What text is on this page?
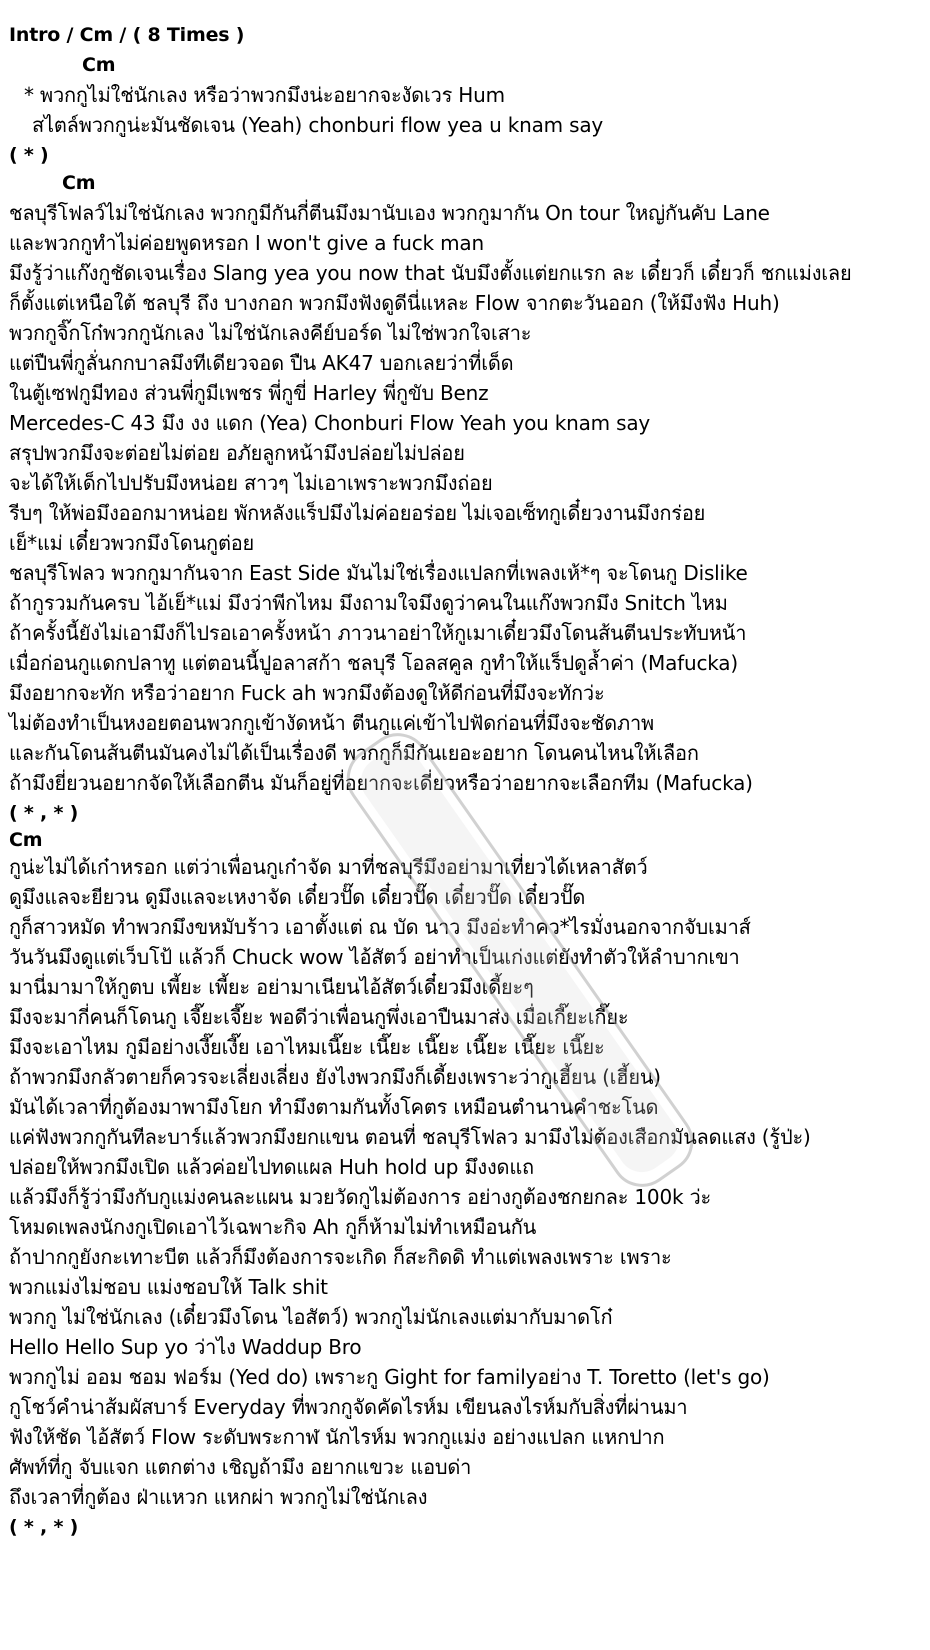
Intro / Cm / ( 8 Times )
Cm
* พวกกูไม่ใช่นักเลง หรือว่าพวกมึงน่ะอยากจะงัดเวร Hum
สไตล์พวกกูน่ะมันชัดเจน (Yeah) chonburi flow yea u knam say
( * )
Cm
ชลบุรีโฟลว์ไม่ใช่นักเลง พวกกูมีกันกี่ตีนมึงมานับเอง พวกกูมากัน On tour ใหญ่กันคับ Lane
และพวกกูทำไม่ค่อยพูดหรอก I won't give a fuck man
มึงรู้ว่าแก๊งกูชัดเจนเรื่อง Slang yea you now that นับมึงตั้งแต่ยกแรก ละ เดี๋ยวก็ เดี๋ยวก็ ชกแม่งเลย
ก็ตั้งแต่เหนือใต้ ชลบุรี ถึง บางกอก พวกมึงฟังดูดีนี่แหละ Flow จากตะวันออก (ให้มึงฟัง Huh)
พวกกูจิ๊กโก๋พวกกูนักเลง ไม่ใช่นักเลงคีย์บอร์ด ไม่ใช่พวกใจเสาะ
แต่ปืนพี่กูลั่นกกบาลมึงทีเดียวจอด ปืน AK47 บอกเลยว่าที่เด็ด
ในตู้เซฟกูมีทอง ส่วนพี่กูมีเพชร พี่กูขี่ Harley พี่กูขับ Benz
Mercedes-C 43 มึง งง แดก (Yea) Chonburi Flow Yeah you knam say
สรุปพวกมึงจะต่อยไม่ต่อย อภัยลูกหน้ามึงปล่อยไม่ปล่อย
จะได้ให้เด็กไปปรับมึงหน่อย สาวๆ ไม่เอาเพราะพวกมึงถ่อย
รีบๆ ให้พ่อมึงออกมาหน่อย พักหลังแร็ปมึงไม่ค่อยอร่อย ไม่เจอเซ็ทกูเดี๋ยวงานมึงกร่อย
เย็*แม่ เดี๋ยวพวกมึงโดนกูต่อย
ชลบุรีโฟลว พวกกูมากันจาก East Side มันไม่ใช่เรื่องแปลกที่เพลงเห้*ๆ จะโดนกู Dislike
ถ้ากูรวมกันครบ ไอ้เย็*แม่ มึงว่าพีกไหม มึงถามใจมึงดูว่าคนในแก๊งพวกมึง Snitch ไหม
ถ้าครั้งนี้ยังไม่เอามึงก็ไปรอเอาครั้งหน้า ภาวนาอย่าให้กูเมาเดี๋ยวมึงโดนส้นตีนประทับหน้า
เมื่อก่อนกูแดกปลาทู แต่ตอนนี้ปูอลาสก้า ชลบุรี โอลสคูล กูทำให้แร็ปดูล้ำค่า (Mafucka)
มึงอยากจะทัก หรือว่าอยาก Fuck ah พวกมึงต้องดูให้ดีก่อนที่มึงจะทักว่ะ
ไม่ต้องทำเป็นหงอยตอนพวกกูเข้างัดหน้า ตีนกูแค่เข้าไปฟัดก่อนที่มึงจะชัดภาพ
และกันโดนส้นตีนมันคงไม่ได้เป็นเรื่องดี พวกกูก็มีกันเยอะอยาก โดนคนไหนให้เลือก
ถ้ามึงยี่ยวนอยากจัดให้เลือกตีน มันก็อยู่ที่อยากจะเดี่ยวหรือว่าอยากจะเลือกทีม (Mafucka)
( * , * )
Cm
กูน่ะไม่ได้เก๋าหรอก แต่ว่าเพื่อนกูเก๋าจัด มาที่ชลบุรีมึงอย่ามาเที่ยวได้เหลาสัตว์
ดูมึงแลจะยียวน ดูมึงแลจะเหงาจัด เดี๋ยวปั๊ด เดี๋ยวปั๊ด เดี๋ยวปั๊ด เดี๋ยวปั๊ด
กูก็สาวหมัด ทำพวกมึงขหมับร้าว เอาตั้งแต่ ณ บัด นาว มึงอ่ะทำคว*ไรมั่งนอกจากจับเมาส์
วันวันมึงดูแต่เว็บโป้ แล้วก็ Chuck wow ไอ้สัตว์ อย่าทำเป็นเก่งแต่ยังทำตัวให้ลำบากเขา
มานี่มามาให้กูตบ เพี้ยะ เพี้ยะ อย่ามาเนียนไอ้สัตว์เดี๋ยวมึงเดี้ยะๆ
มึงจะมากี่คนก็โดนกู เจี๊ยะเจี๊ยะ พอดีว่าเพื่อนกูพึ่งเอาปืนมาส่ง เมื่อเกี๊ยะเกี๊ยะ
มึงจะเอาไหม กูมีอย่างเงี๊ยเงี๊ย เอาไหมเนี๊ยะ เนี๊ยะ เนี๊ยะ เนี๊ยะ เนี๊ยะ เนี๊ยะ
ถ้าพวกมึงกลัวตายก็ควรจะเลี่ยงเลี่ยง ยังไงพวกมึงก็เดี้ยงเพราะว่ากูเฮี้ยน (เฮี้ยน)
มันได้เวลาที่กูต้องมาพามึงโยก ทำมึงตามกันทั้งโคตร เหมือนตำนานคำชะโนด
แค่ฟังพวกกูกันทีละบาร์แล้วพวกมึงยกแขน ตอนที่ ชลบุรีโฟลว มามึงไม่ต้องเสือกมันลดแสง (รู้ป่ะ)
ปล่อยให้พวกมึงเปิด แล้วค่อยไปทดแผล Huh hold up มึงงดแถ
แล้วมึงก็รู้ว่ามึงกับกูแม่งคนละแผน มวยวัดกูไม่ต้องการ อย่างกูต้องชกยกละ 100k ว่ะ
โหมดเพลงนักงกูเปิดเอาไว้เฉพาะกิจ Ah กูก็ห้ามไม่ทำเหมือนกัน
ถ้าปากกูยังกะเทาะบีต แล้วก็มึงต้องการจะเกิด ก็สะกิดดิ ทำแต่เพลงเพราะ เพราะ
พวกแม่งไม่ชอบ แม่งชอบให้ Talk shit
พวกกู ไม่ใช่นักเลง (เดี๋ยวมึงโดน ไอสัตว์) พวกกูไม่นักเลงแต่มากับมาดโก๋
Hello Hello Sup yo ว่าไง Waddup Bro
พวกกูไม่ ออม ชอม ฟอร์ม (Yed do) เพราะกู Gight for familyอย่าง T. Toretto (let's go)
กูโชว์คำน่าส้มผัสบาร์ Everyday ที่พวกกูจัดคัดไรห์ม เขียนลงไรห์มกับสิ่งที่ผ่านมา
ฟังให้ชัด ไอ้สัตว์ Flow ระดับพระกาฬ นักไรห์ม พวกกูแม่ง อย่างแปลก แหกปาก
ศัพท์ที่กู จับแจก แตกต่าง เชิญถ้ามึง อยากแขวะ แอบด่า
ถึงเวลาที่กูต้อง ฝ่าแหวก แหกผ่า พวกกูไม่ใช่นักเลง
( * , * )
